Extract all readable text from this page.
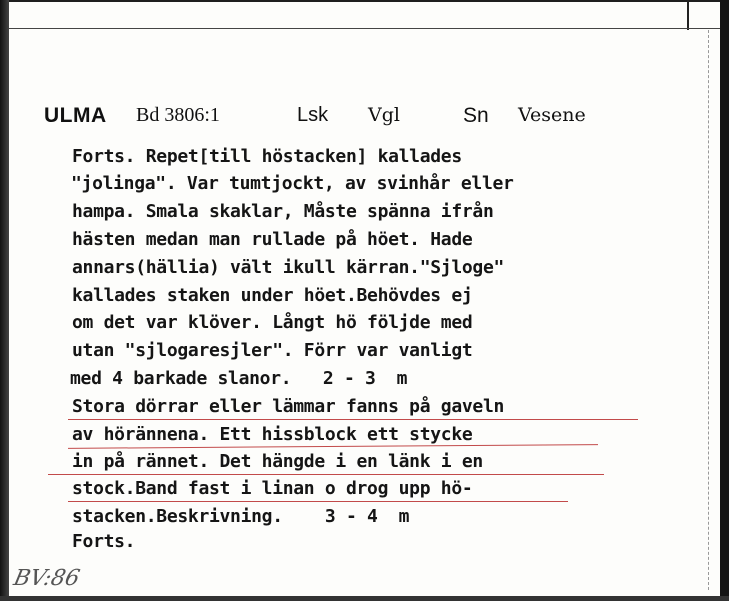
ULMA Bd 3806:1	Lsk Vgl	Sn Vesene
Forts. Repet[till höstacken] kallades
"jolinga". Var tumtjockt, av svinhår eller
hampa. Smala skaklar, Måste spänna ifrån
hästen medan man rullade på höet. Hade
annars(hällia) vält ikull kärran."Sjloge"
kallades staken under höet.Behövdes ej
om det var klöver. Långt hö följde med
utan "sjlogaresjler". Förr var vanligt
med 4 barkade slanor.   2 - 3  m
Stora dörrar eller lämmar fanns på gaveln
av hörännena. Ett hissblock ett stycke
in på rännet. Det hängde i en länk i en
stock.Band fast i linan o drog upp hö-
stacken.Beskrivning.    3 - 4  m
Forts.
BV:86
